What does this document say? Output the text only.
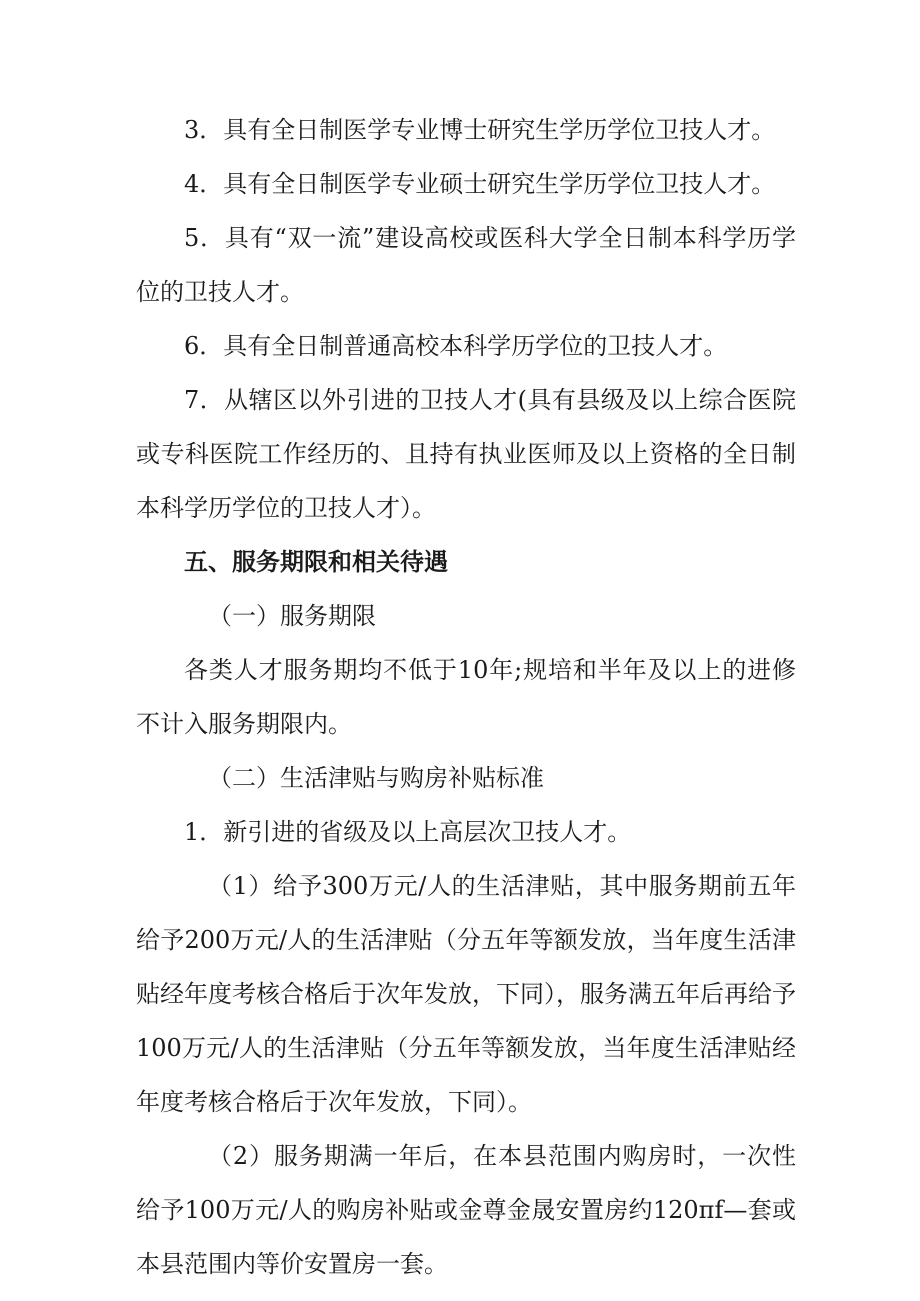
3．具有全日制医学专业博士研究生学历学位卫技人才。

4．具有全日制医学专业硕士研究生学历学位卫技人才。

5．具有“双一流”建设高校或医科大学全日制本科学历学位的卫技人才。

6．具有全日制普通高校本科学历学位的卫技人才。

7．从辖区以外引进的卫技人才(具有县级及以上综合医院或专科医院工作经历的、且持有执业医师及以上资格的全日制本科学历学位的卫技人才）。

五、服务期限和相关待遇

（一）服务期限

各类人才服务期均不低于10年;规培和半年及以上的进修不计入服务期限内。

（二）生活津贴与购房补贴标准

1．新引进的省级及以上高层次卫技人才。

（1）给予300万元/人的生活津贴，其中服务期前五年给予200万元/人的生活津贴（分五年等额发放，当年度生活津贴经年度考核合格后于次年发放，下同），服务满五年后再给予100万元/人的生活津贴（分五年等额发放，当年度生活津贴经年度考核合格后于次年发放，下同）。

（2）服务期满一年后，在本县范围内购房时，一次性给予100万元/人的购房补贴或金尊金晟安置房约120πf—套或本县范围内等价安置房一套。
